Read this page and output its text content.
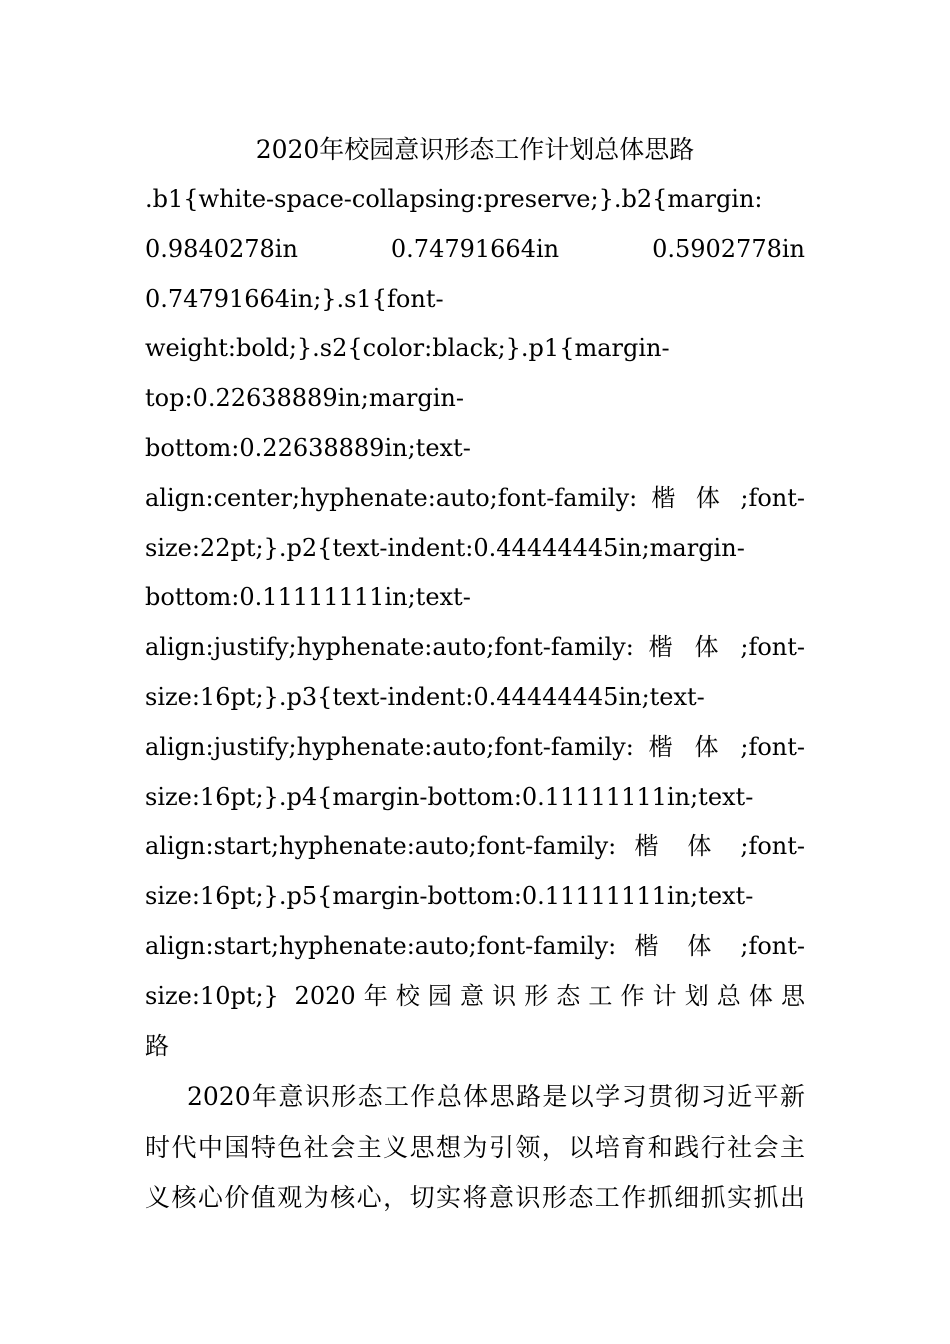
2020年校园意识形态工作计划总体思路
.b1{white-space-collapsing:preserve;}.b2{margin:
0.9840278in 0.74791664in 0.5902778in
0.74791664in;}.s1{font-
weight:bold;}.s2{color:black;}.p1{margin-
top:0.22638889in;margin-
bottom:0.22638889in;text-
align:center;hyphenate:auto;font-family: 楷 体 ;font-
size:22pt;}.p2{text-indent:0.44444445in;margin-
bottom:0.11111111in;text-
align:justify;hyphenate:auto;font-family: 楷 体 ;font-
size:16pt;}.p3{text-indent:0.44444445in;text-
align:justify;hyphenate:auto;font-family: 楷 体 ;font-
size:16pt;}.p4{margin-bottom:0.11111111in;text-
align:start;hyphenate:auto;font-family: 楷 体 ;font-
size:16pt;}.p5{margin-bottom:0.11111111in;text-
align:start;hyphenate:auto;font-family: 楷 体 ;font-
size:10pt;} 2020年校园意识形态工作计划总体思
路
2020年意识形态工作总体思路是以学习贯彻习近平新
时代中国特色社会主义思想为引领，以培育和践行社会主
义核心价值观为核心，切实将意识形态工作抓细抓实抓出
